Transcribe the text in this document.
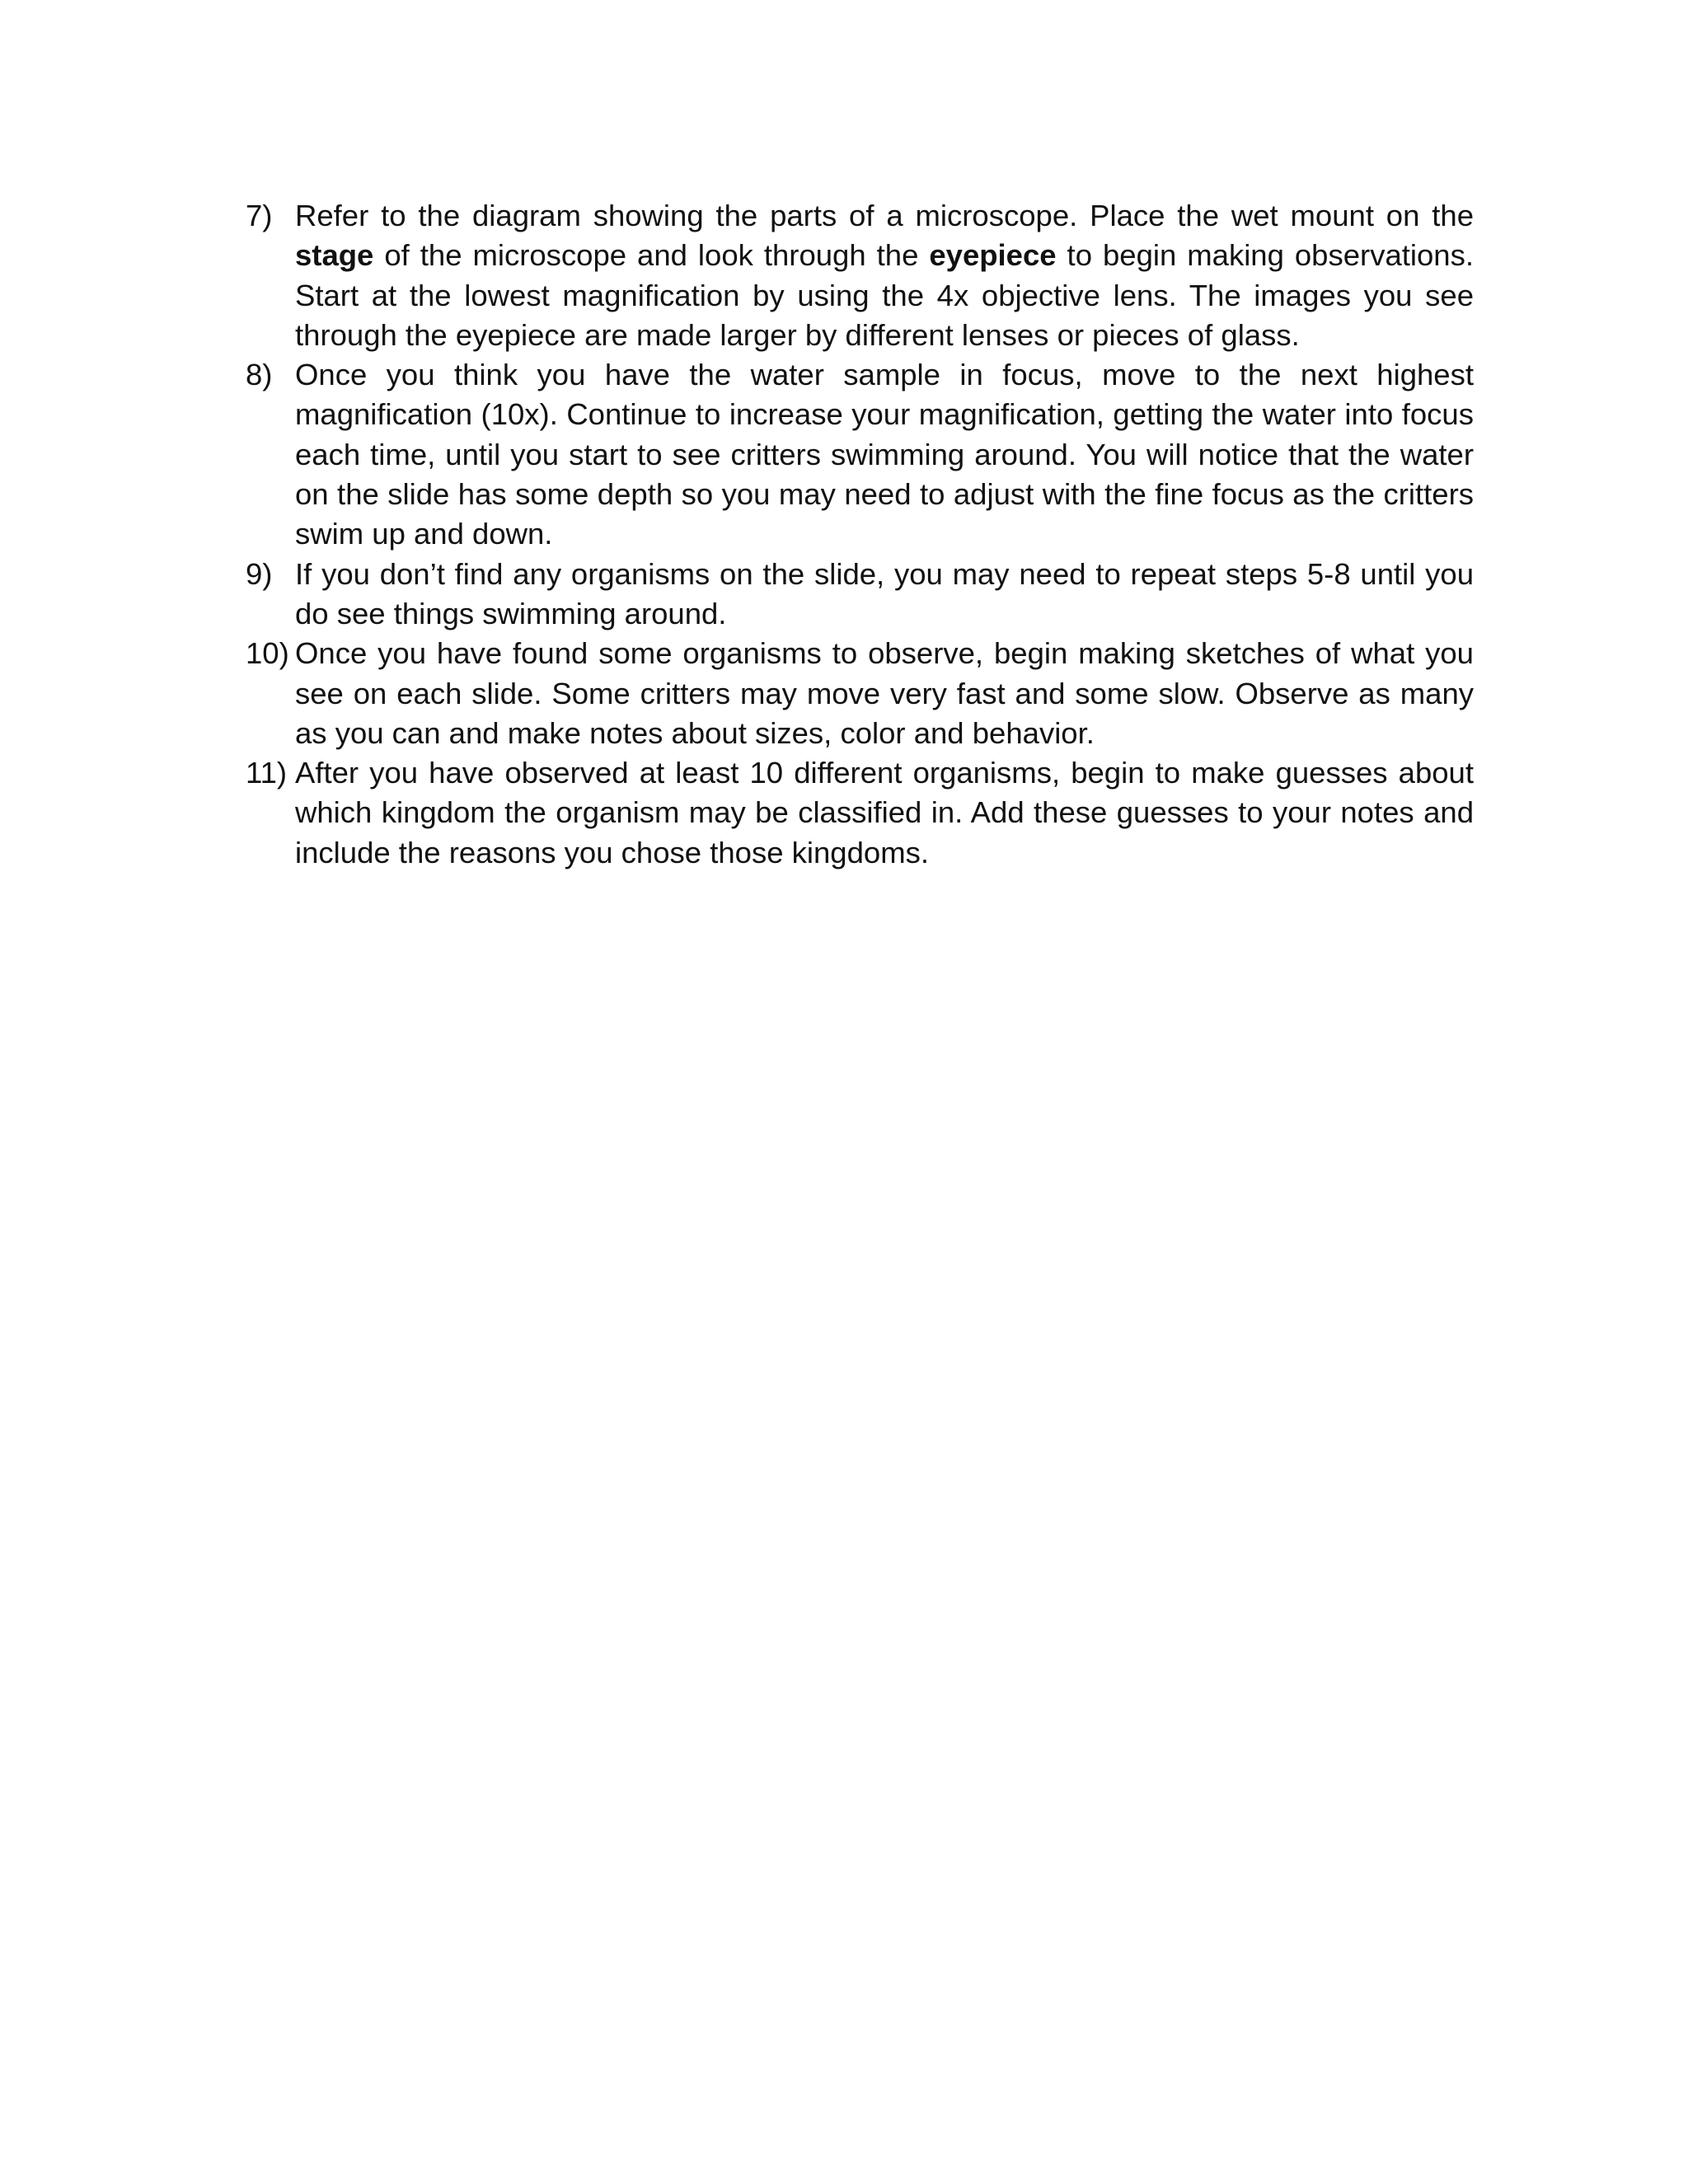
7) Refer to the diagram showing the parts of a microscope. Place the wet mount on the stage of the microscope and look through the eyepiece to begin making observations. Start at the lowest magnification by using the 4x objective lens. The images you see through the eyepiece are made larger by different lenses or pieces of glass.
8) Once you think you have the water sample in focus, move to the next highest magnification (10x). Continue to increase your magnification, getting the water into focus each time, until you start to see critters swimming around. You will notice that the water on the slide has some depth so you may need to adjust with the fine focus as the critters swim up and down.
9) If you don’t find any organisms on the slide, you may need to repeat steps 5-8 until you do see things swimming around.
10) Once you have found some organisms to observe, begin making sketches of what you see on each slide. Some critters may move very fast and some slow. Observe as many as you can and make notes about sizes, color and behavior.
11) After you have observed at least 10 different organisms, begin to make guesses about which kingdom the organism may be classified in. Add these guesses to your notes and include the reasons you chose those kingdoms.
